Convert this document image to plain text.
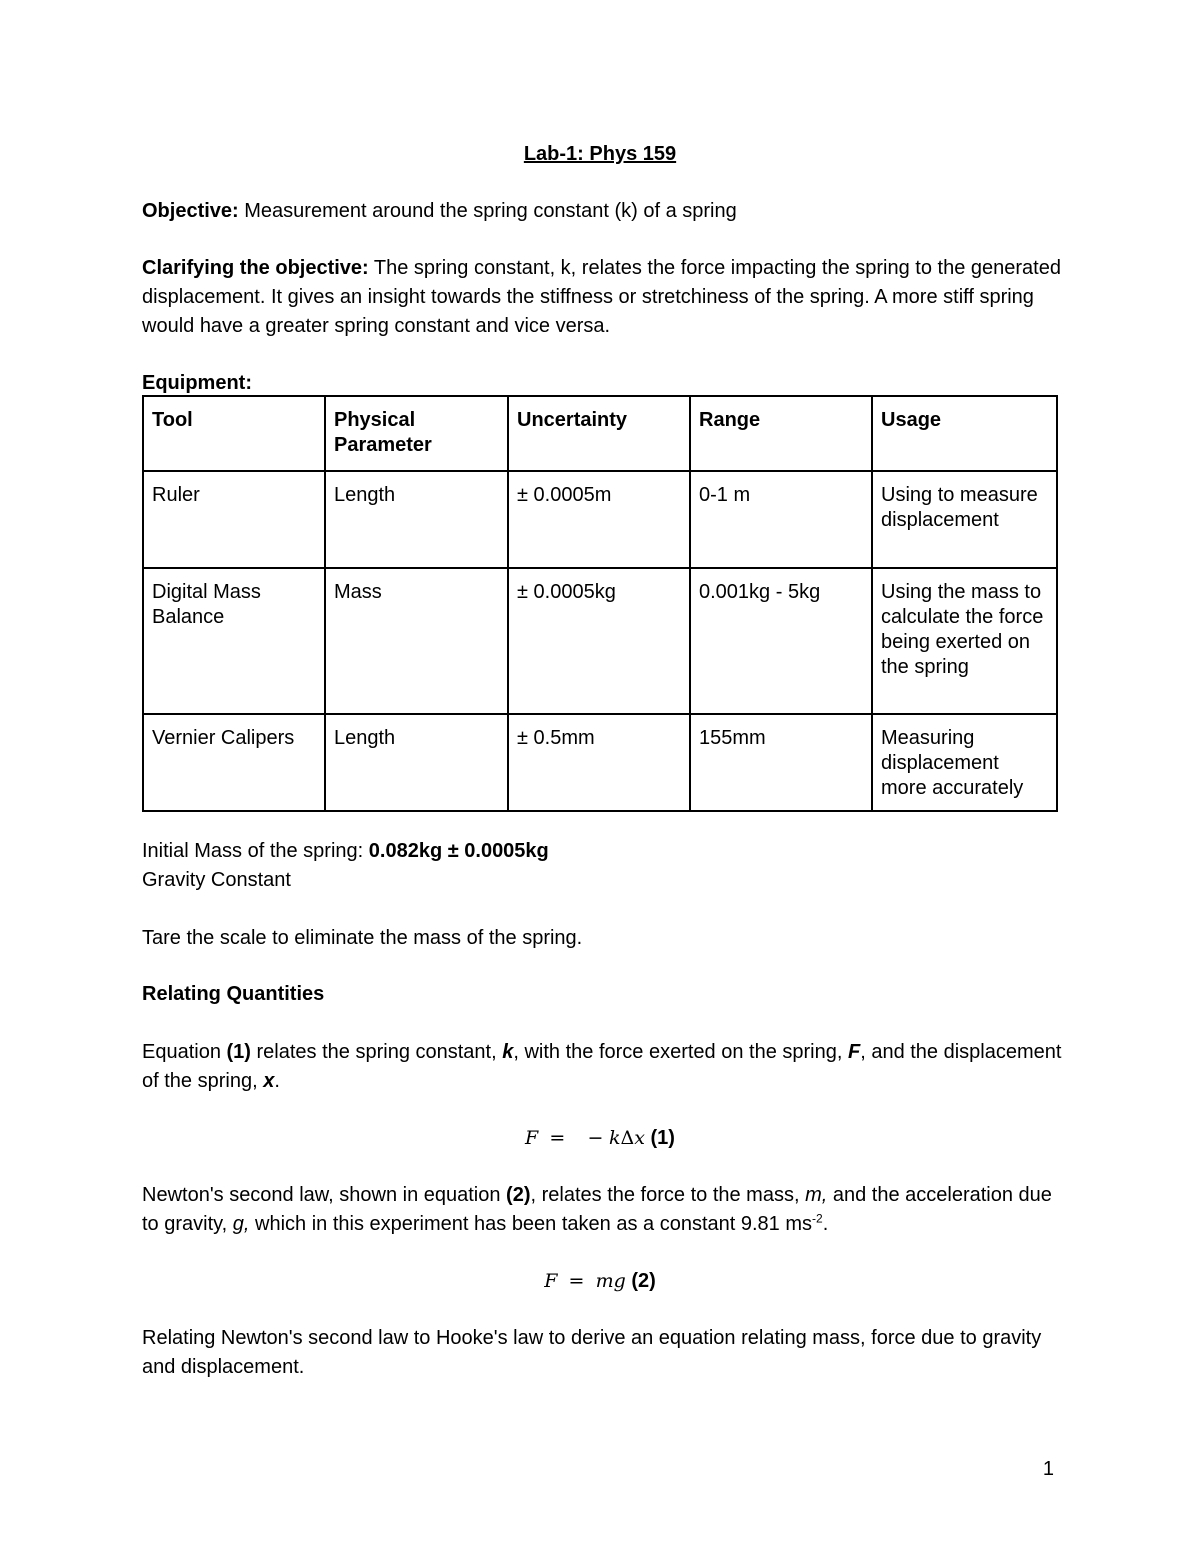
Lab-1: Phys 159
Objective: Measurement around the spring constant (k) of a spring
Clarifying the objective: The spring constant, k, relates the force impacting the spring to the generated displacement. It gives an insight towards the stiffness or stretchiness of the spring. A more stiff spring would have a greater spring constant and vice versa.
Equipment:
Tool	Physical Parameter	Uncertainty	Range	Usage
Ruler	Length	± 0.0005m	0-1 m	Using to measure displacement
Digital Mass Balance	Mass	± 0.0005kg	0.001kg - 5kg	Using the mass to calculate the force being exerted on the spring
Vernier Calipers	Length	± 0.5mm	155mm	Measuring displacement more accurately
Initial Mass of the spring: 0.082kg ± 0.0005kg
Gravity Constant
Tare the scale to eliminate the mass of the spring.
Relating Quantities
Equation (1) relates the spring constant, k, with the force exerted on the spring, F, and the displacement of the spring, x.
F = − kΔx (1)
Newton's second law, shown in equation (2), relates the force to the mass, m, and the acceleration due to gravity, g, which in this experiment has been taken as a constant 9.81 $ms^{-2}$.
F = mg (2)
Relating Newton's second law to Hooke's law to derive an equation relating mass, force due to gravity and displacement.
1
